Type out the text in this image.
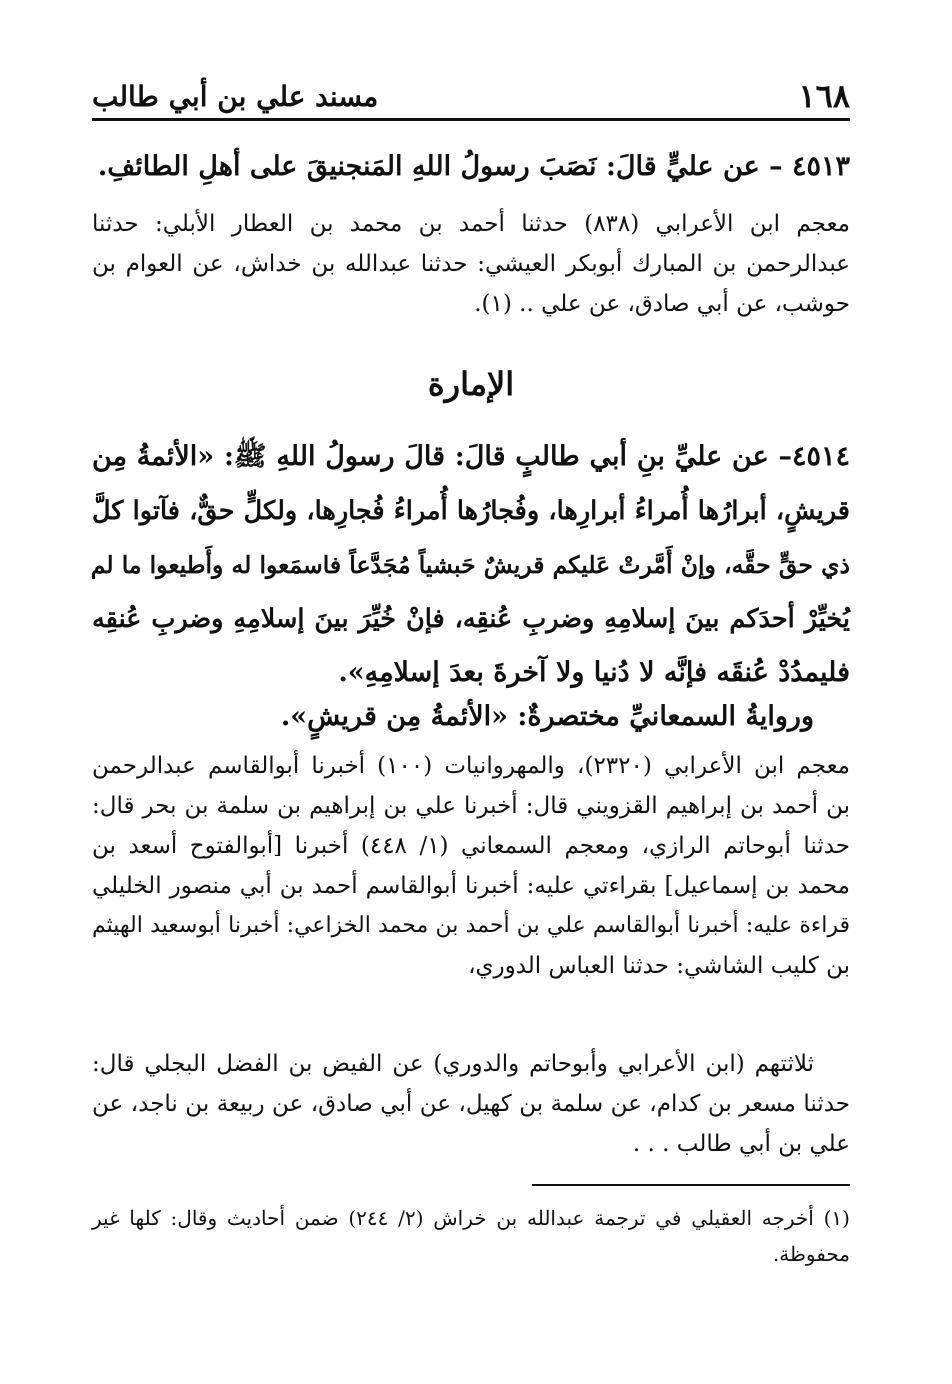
١٦٨
مسند علي بن أبي طالب
٤٥١٣ – عن عليٍّ قالَ: نَصَبَ رسولُ اللهِ المَنجنيقَ على أهلِ الطائفِ.
معجم ابن الأعرابي (٨٣٨) حدثنا أحمد بن محمد بن العطار الأبلي: حدثنا
عبدالرحمن بن المبارك أبوبكر العيشي: حدثنا عبدالله بن خداش، عن العوام بن
حوشب، عن أبي صادق، عن علي .. (١).
الإمارة
٤٥١٤– عن عليِّ بنِ أبي طالبٍ قالَ: قالَ رسولُ اللهِ ﷺ: «الأئمةُ مِن
قريشٍ، أبرارُها أُمراءُ أبرارِها، وفُجارُها أُمراءُ فُجارِها، ولكلٍّ حقٌّ، فآتوا كلَّ
ذي حقٍّ حقَّه، وإنْ أَمَّرتْ عَليكم قريشٌ حَبشياً مُجَدَّعاً فاسمَعوا له وأَطيعوا ما لم
يُخيِّرْ أحدَكم بينَ إسلامِهِ وضربِ عُنقِه، فإنْ خُيِّرَ بينَ إسلامِهِ وضربِ عُنقِه
فليمدُدْ عُنقَه فإنَّه لا دُنيا ولا آخرةَ بعدَ إسلامِهِ».
وروايةُ السمعانيِّ مختصرةٌ: «الأئمةُ مِن قريشٍ».
معجم ابن الأعرابي (٢٣٢٠)، والمهروانيات (١٠٠) أخبرنا أبوالقاسم عبدالرحمن
بن أحمد بن إبراهيم القزويني قال: أخبرنا علي بن إبراهيم بن سلمة بن بحر قال:
حدثنا أبوحاتم الرازي، ومعجم السمعاني (١/ ٤٤٨) أخبرنا [أبوالفتوح أسعد بن
محمد بن إسماعيل] بقراءتي عليه: أخبرنا أبوالقاسم أحمد بن أبي منصور الخليلي
قراءة عليه: أخبرنا أبوالقاسم علي بن أحمد بن محمد الخزاعي: أخبرنا أبوسعيد الهيثم
بن كليب الشاشي: حدثنا العباس الدوري،
ثلاثتهم (ابن الأعرابي وأبوحاتم والدوري) عن الفيض بن الفضل البجلي قال:
حدثنا مسعر بن كدام، عن سلمة بن كهيل، عن أبي صادق، عن ربيعة بن ناجد، عن
علي بن أبي طالب . . .
(١) أخرجه العقيلي في ترجمة عبدالله بن خراش (٢/ ٢٤٤) ضمن أحاديث وقال: كلها غير
محفوظة.
